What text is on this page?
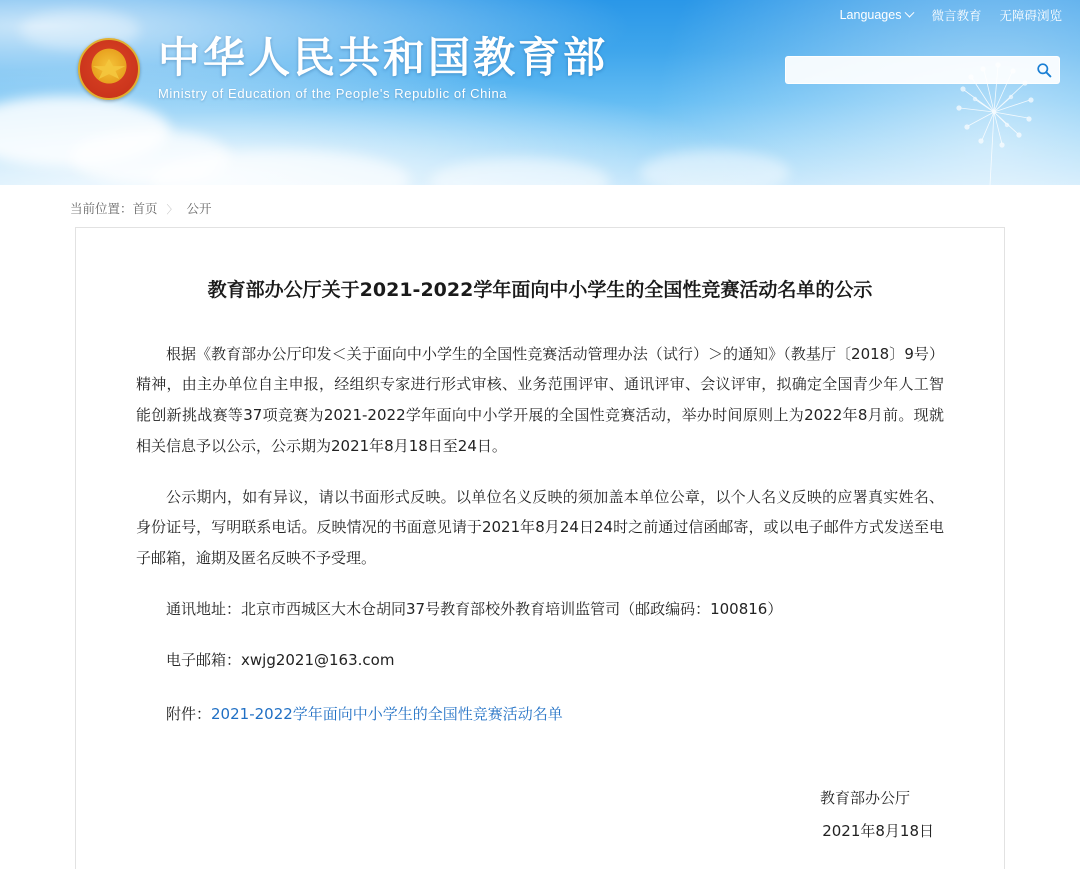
Languages 微言教育 无障碍浏览
中华人民共和国教育部
Ministry of Education of the People's Republic of China
当前位置：首页 〉 公开
教育部办公厅关于2021-2022学年面向中小学生的全国性竞赛活动名单的公示

根据《教育部办公厅印发＜关于面向中小学生的全国性竞赛活动管理办法（试行）＞的通知》（教基厅〔2018〕9号）精神，由主办单位自主申报，经组织专家进行形式审核、业务范围评审、通讯评审、会议评审，拟确定全国青少年人工智能创新挑战赛等37项竞赛为2021-2022学年面向中小学开展的全国性竞赛活动，举办时间原则上为2022年8月前。现就相关信息予以公示，公示期为2021年8月18日至24日。

公示期内，如有异议，请以书面形式反映。以单位名义反映的须加盖本单位公章，以个人名义反映的应署真实姓名、身份证号，写明联系电话。反映情况的书面意见请于2021年8月24日24时之前通过信函邮寄，或以电子邮件方式发送至电子邮箱，逾期及匿名反映不予受理。

通讯地址：北京市西城区大木仓胡同37号教育部校外教育培训监管司（邮政编码：100816）

电子邮箱：xwjg2021@163.com

附件：2021-2022学年面向中小学生的全国性竞赛活动名单

教育部办公厅
2021年8月18日
